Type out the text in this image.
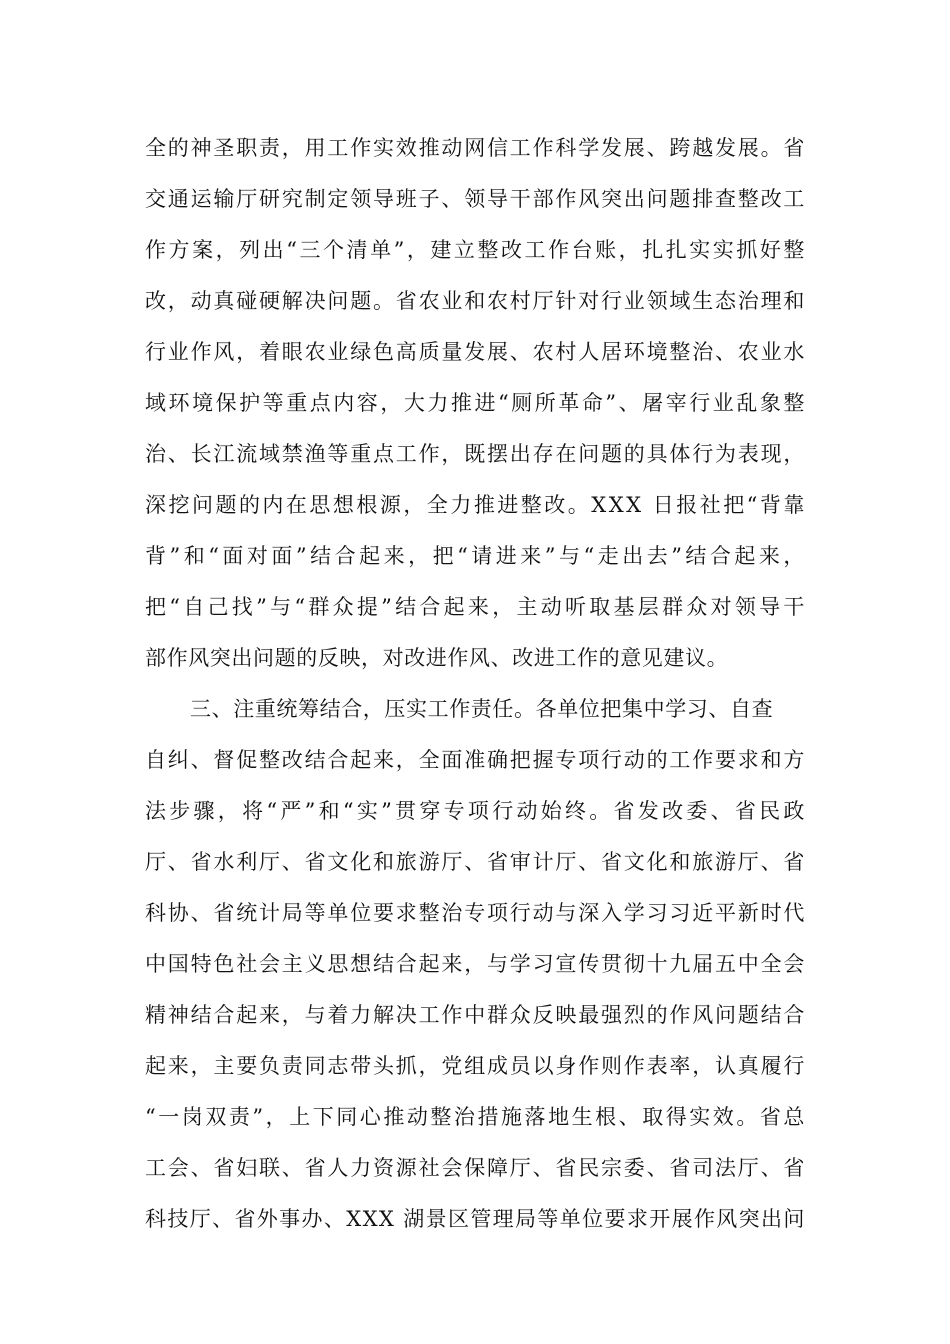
全的神圣职责，用工作实效推动网信工作科学发展、跨越发展。省
交通运输厅研究制定领导班子、领导干部作风突出问题排查整改工
作方案，列出“三个清单”，建立整改工作台账，扎扎实实抓好整
改，动真碰硬解决问题。省农业和农村厅针对行业领域生态治理和
行业作风，着眼农业绿色高质量发展、农村人居环境整治、农业水
域环境保护等重点内容，大力推进“厕所革命”、屠宰行业乱象整
治、长江流域禁渔等重点工作，既摆出存在问题的具体行为表现，
深挖问题的内在思想根源，全力推进整改。XXX 日报社把“背靠
背”和“面对面”结合起来，把“请进来”与“走出去”结合起来，
把“自己找”与“群众提”结合起来，主动听取基层群众对领导干
部作风突出问题的反映，对改进作风、改进工作的意见建议。
三、注重统筹结合，压实工作责任。各单位把集中学习、自查
自纠、督促整改结合起来，全面准确把握专项行动的工作要求和方
法步骤，将“严”和“实”贯穿专项行动始终。省发改委、省民政
厅、省水利厅、省文化和旅游厅、省审计厅、省文化和旅游厅、省
科协、省统计局等单位要求整治专项行动与深入学习习近平新时代
中国特色社会主义思想结合起来，与学习宣传贯彻十九届五中全会
精神结合起来，与着力解决工作中群众反映最强烈的作风问题结合
起来，主要负责同志带头抓，党组成员以身作则作表率，认真履行
“一岗双责”，上下同心推动整治措施落地生根、取得实效。省总
工会、省妇联、省人力资源社会保障厅、省民宗委、省司法厅、省
科技厅、省外事办、XXX 湖景区管理局等单位要求开展作风突出问
